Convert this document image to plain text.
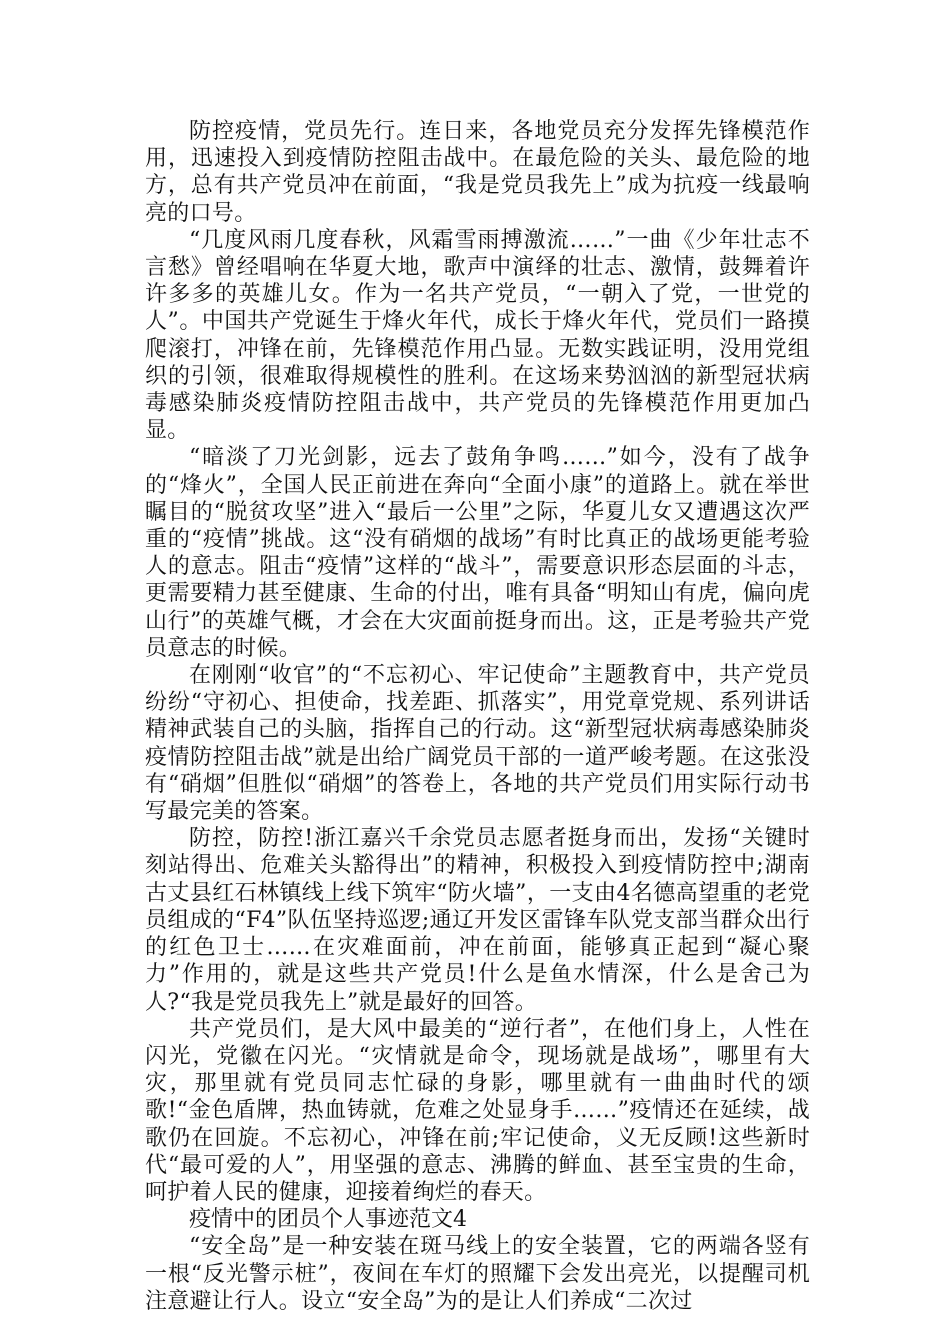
防控疫情，党员先行。连日来，各地党员充分发挥先锋模范作用，迅速投入到疫情防控阻击战中。在最危险的关头、最危险的地方，总有共产党员冲在前面，“我是党员我先上”成为抗疫一线最响亮的口号。

“几度风雨几度春秋，风霜雪雨搏激流……”一曲《少年壮志不言愁》曾经唱响在华夏大地，歌声中演绎的壮志、激情，鼓舞着许许多多的英雄儿女。作为一名共产党员，“一朝入了党，一世党的人”。中国共产党诞生于烽火年代，成长于烽火年代，党员们一路摸爬滚打，冲锋在前，先锋模范作用凸显。无数实践证明，没用党组织的引领，很难取得规模性的胜利。在这场来势汹汹的新型冠状病毒感染肺炎疫情防控阻击战中，共产党员的先锋模范作用更加凸显。

“暗淡了刀光剑影，远去了鼓角争鸣……”如今，没有了战争的“烽火”，全国人民正前进在奔向“全面小康”的道路上。就在举世瞩目的“脱贫攻坚”进入“最后一公里”之际，华夏儿女又遭遇这次严重的“疫情”挑战。这“没有硝烟的战场”有时比真正的战场更能考验人的意志。阻击“疫情”这样的“战斗”，需要意识形态层面的斗志，更需要精力甚至健康、生命的付出，唯有具备“明知山有虎，偏向虎山行”的英雄气概，才会在大灾面前挺身而出。这，正是考验共产党员意志的时候。

在刚刚“收官”的“不忘初心、牢记使命”主题教育中，共产党员纷纷“守初心、担使命，找差距、抓落实”，用党章党规、系列讲话精神武装自己的头脑，指挥自己的行动。这“新型冠状病毒感染肺炎疫情防控阻击战”就是出给广阔党员干部的一道严峻考题。在这张没有“硝烟”但胜似“硝烟”的答卷上，各地的共产党员们用实际行动书写最完美的答案。

防控，防控!浙江嘉兴千余党员志愿者挺身而出，发扬“关键时刻站得出、危难关头豁得出”的精神，积极投入到疫情防控中;湖南古丈县红石林镇线上线下筑牢“防火墙”，一支由4名德高望重的老党员组成的“F4”队伍坚持巡逻;通辽开发区雷锋车队党支部当群众出行的红色卫士……在灾难面前，冲在前面，能够真正起到“凝心聚力”作用的，就是这些共产党员!什么是鱼水情深，什么是舍己为人?“我是党员我先上”就是最好的回答。

共产党员们，是大风中最美的“逆行者”，在他们身上，人性在闪光，党徽在闪光。“灾情就是命令，现场就是战场”，哪里有大灾，那里就有党员同志忙碌的身影，哪里就有一曲曲时代的颂歌!“金色盾牌，热血铸就，危难之处显身手……”疫情还在延续，战歌仍在回旋。不忘初心，冲锋在前;牢记使命，义无反顾!这些新时代“最可爱的人”，用坚强的意志、沸腾的鲜血、甚至宝贵的生命，呵护着人民的健康，迎接着绚烂的春天。

疫情中的团员个人事迹范文4

“安全岛”是一种安装在斑马线上的安全装置，它的两端各竖有一根“反光警示桩”，夜间在车灯的照耀下会发出亮光，以提醒司机注意避让行人。设立“安全岛”为的是让人们养成“二次过
